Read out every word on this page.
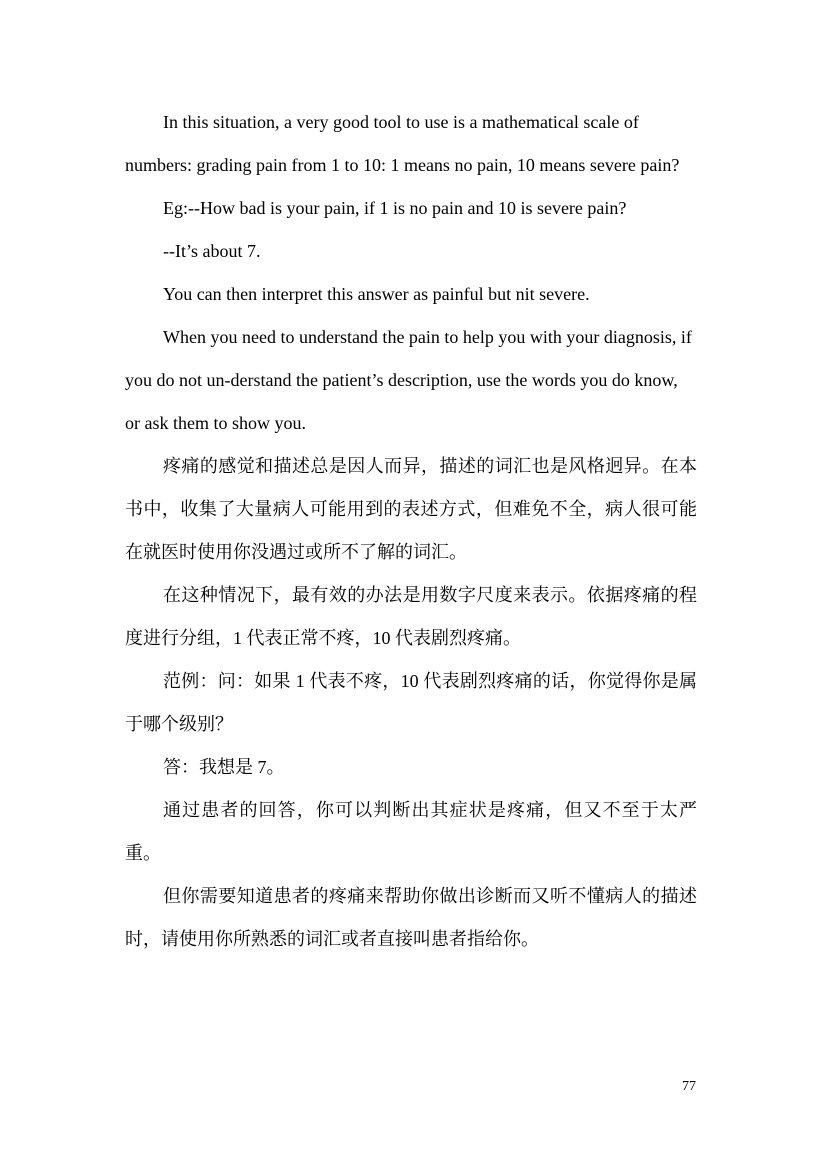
In this situation, a very good tool to use is a mathematical scale of numbers: grading pain from 1 to 10: 1 means no pain, 10 means severe pain?

Eg:--How bad is your pain, if 1 is no pain and 10 is severe pain?

--It’s about 7.

You can then interpret this answer as painful but nit severe.

When you need to understand the pain to help you with your diagnosis, if you do not un-derstand the patient’s description, use the words you do know, or ask them to show you.

疼痛的感觉和描述总是因人而异，描述的词汇也是风格迥异。在本书中，收集了大量病人可能用到的表述方式，但难免不全，病人很可能在就医时使用你没遇过或所不了解的词汇。

在这种情况下，最有效的办法是用数字尺度来表示。依据疼痛的程度进行分组，1 代表正常不疼，10 代表剧烈疼痛。

范例：问：如果 1 代表不疼，10 代表剧烈疼痛的话，你觉得你是属于哪个级别？

答：我想是 7。

通过患者的回答，你可以判断出其症状是疼痛，但又不至于太严重。

但你需要知道患者的疼痛来帮助你做出诊断而又听不懂病人的描述时，请使用你所熟悉的词汇或者直接叫患者指给你。

77
